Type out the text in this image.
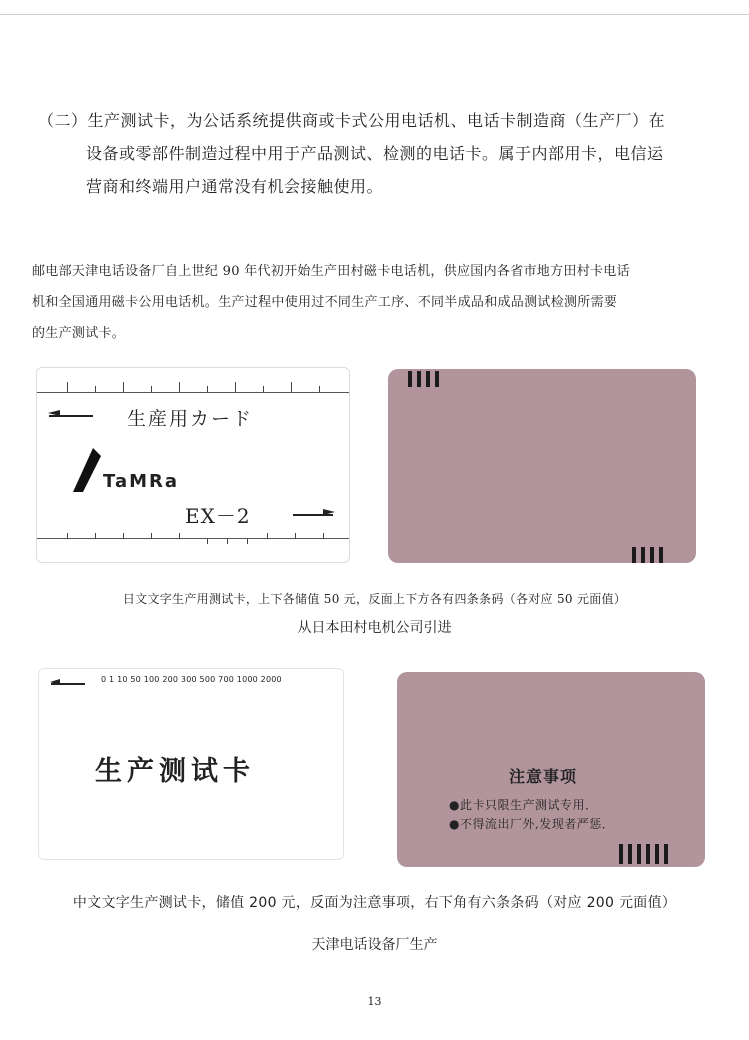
（二）生产测试卡，为公话系统提供商或卡式公用电话机、电话卡制造商（生产厂）在
设备或零部件制造过程中用于产品测试、检测的电话卡。属于内部用卡，电信运
营商和终端用户通常没有机会接触使用。
邮电部天津电话设备厂自上世纪 90 年代初开始生产田村磁卡电话机，供应国内各省市地方田村卡电话
机和全国通用磁卡公用电话机。生产过程中使用过不同生产工序、不同半成品和成品测试检测所需要
的生产测试卡。
生産用カード
TaMRa
EX－2
日文文字生产用测试卡，上下各储值 50 元，反面上下方各有四条条码（各对应 50 元面值）
从日本田村电机公司引进
0 1 10 50 100 200 300 500 700 1000 2000
生产测试卡	注意事项
●此卡只限生产测试专用．
●不得流出厂外,发现者严惩．
中文文字生产测试卡，储值 200 元，反面为注意事项，右下角有六条条码（对应 200 元面值）
天津电话设备厂生产
13
